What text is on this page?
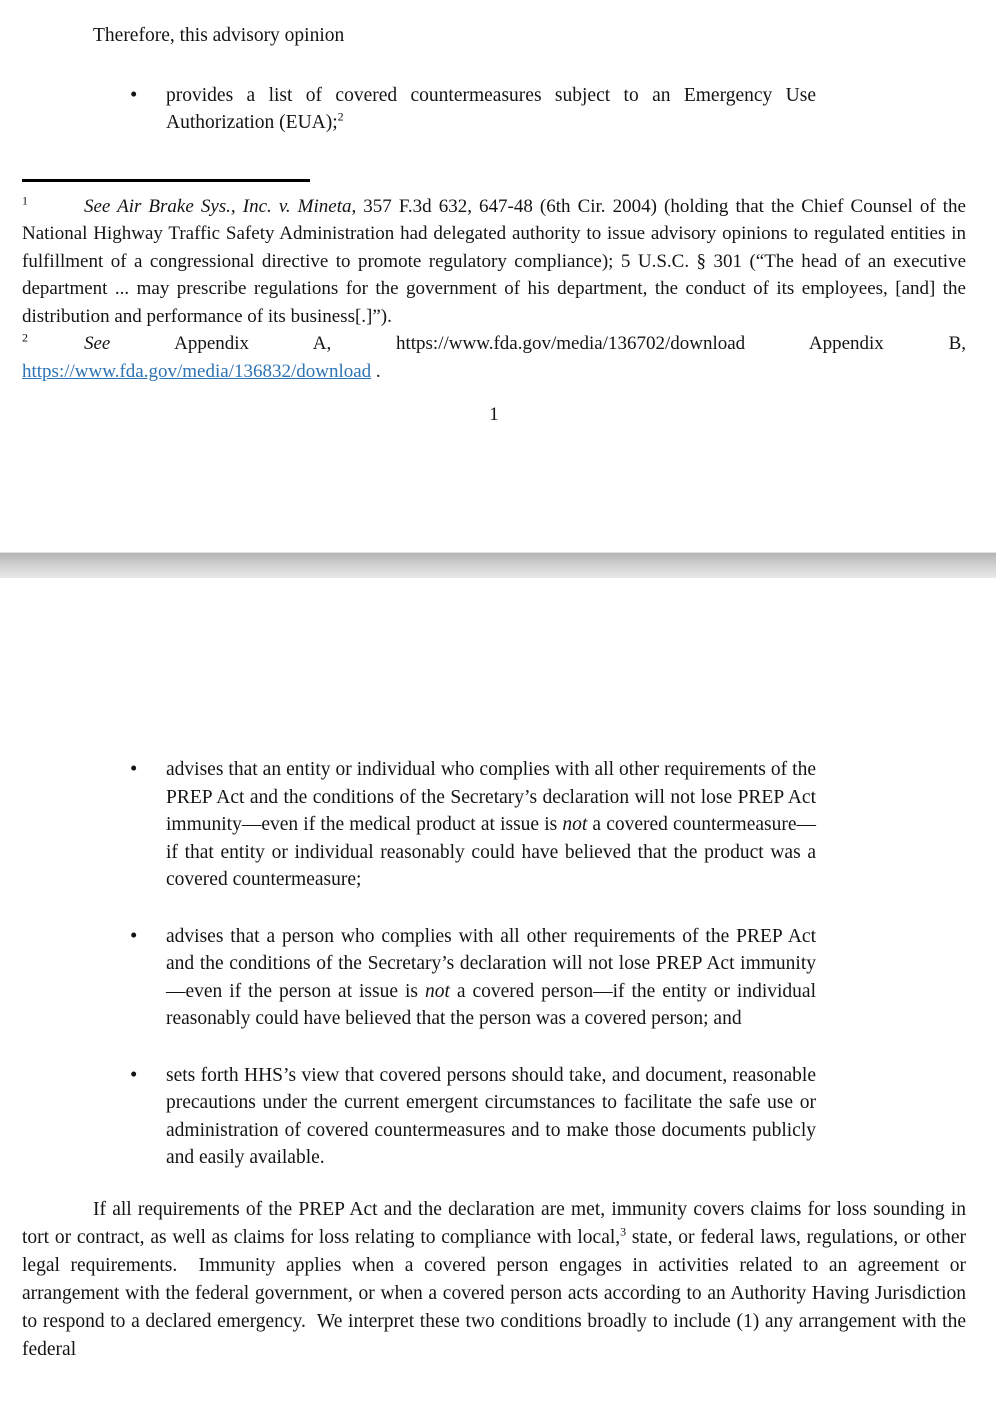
Therefore, this advisory opinion

• provides a list of covered countermeasures subject to an Emergency Use Authorization (EUA);$^2$

$^1$	See Air Brake Sys., Inc. v. Mineta, 357 F.3d 632, 647-48 (6th Cir. 2004) (holding that the Chief Counsel of the National Highway Traffic Safety Administration had delegated authority to issue advisory opinions to regulated entities in fulfillment of a congressional directive to promote regulatory compliance); 5 U.S.C. § 301 (“The head of an executive department ... may prescribe regulations for the government of his department, the conduct of its employees, [and] the distribution and performance of its business[.]”).

$^2$	See Appendix A, https://www.fda.gov/media/136702/download Appendix B, https://www.fda.gov/media/136832/download .

1
• advises that an entity or individual who complies with all other requirements of the PREP Act and the conditions of the Secretary’s declaration will not lose PREP Act immunity—even if the medical product at issue is not a covered countermeasure—if that entity or individual reasonably could have believed that the product was a covered countermeasure;
• advises that a person who complies with all other requirements of the PREP Act and the conditions of the Secretary’s declaration will not lose PREP Act immunity—even if the person at issue is not a covered person—if the entity or individual reasonably could have believed that the person was a covered person; and
• sets forth HHS’s view that covered persons should take, and document, reasonable precautions under the current emergent circumstances to facilitate the safe use or administration of covered countermeasures and to make those documents publicly and easily available.

If all requirements of the PREP Act and the declaration are met, immunity covers claims for loss sounding in tort or contract, as well as claims for loss relating to compliance with local,$^3$ state, or federal laws, regulations, or other legal requirements.  Immunity applies when a covered person engages in activities related to an agreement or arrangement with the federal government, or when a covered person acts according to an Authority Having Jurisdiction to respond to a declared emergency.  We interpret these two conditions broadly to include (1) any arrangement with the federal
